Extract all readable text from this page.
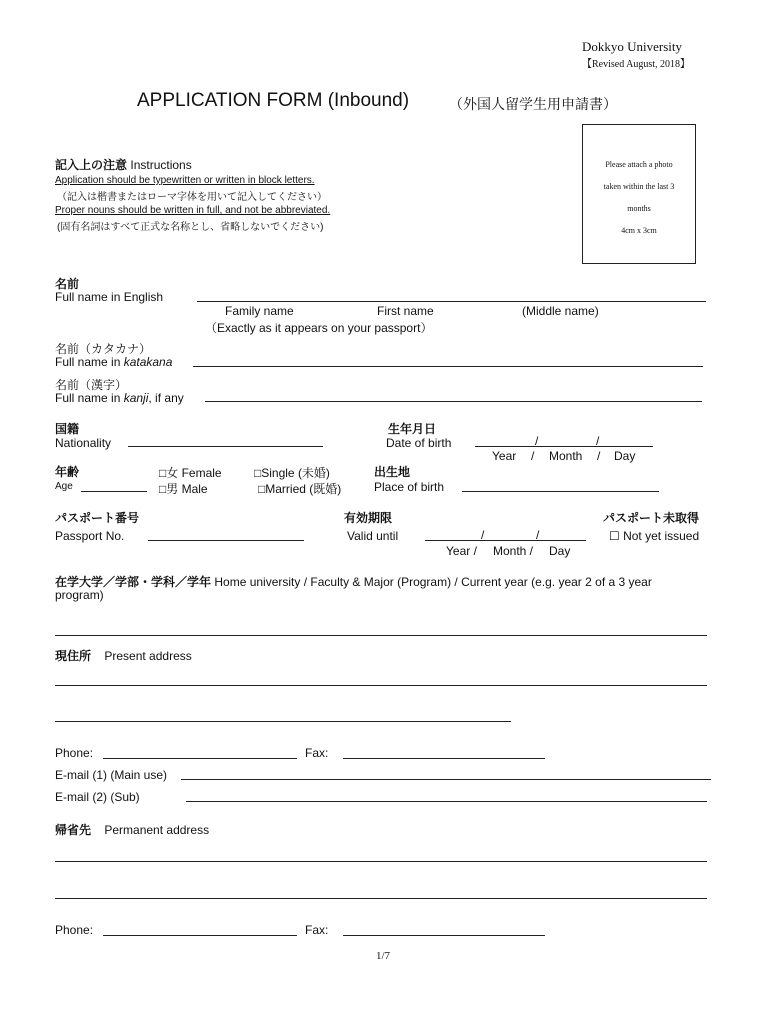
Dokkyo University
【Revised August, 2018】
APPLICATION FORM (Inbound)	（外国人留学生用申請書）
Please attach a photo
taken within the last 3
months
4cm x 3cm
記入上の注意 Instructions
Application should be typewritten or written in block letters.
（記入は楷書またはローマ字体を用いて記入してください）
Proper nouns should be written in full, and not be abbreviated.
(固有名詞はすべて正式な名称とし、省略しないでください)
名前
Full name in English
Family name	First name	(Middle name)
（Exactly as it appears on your passport）
名前（カタカナ）
Full name in katakana
名前（漢字）
Full name in kanji, if any
国籍
Nationality
生年月日
Date of birth	/	/
Year / Month / Day
年齢
Age
□女 Female
□男 Male
□Single (未婚)
□Married (既婚)
出生地
Place of birth
パスポート番号
Passport No.
有効期限
Valid until	/	/
Year / Month / Day
パスポート未取得
☐ Not yet issued
在学大学／学部・学科／学年 Home university / Faculty & Major (Program) / Current year (e.g. year 2 of a 3 year
program)
現住所 Present address
Phone:	Fax:
E-mail (1) (Main use)
E-mail (2) (Sub)
帰省先 Permanent address
Phone:	Fax:
1/7
